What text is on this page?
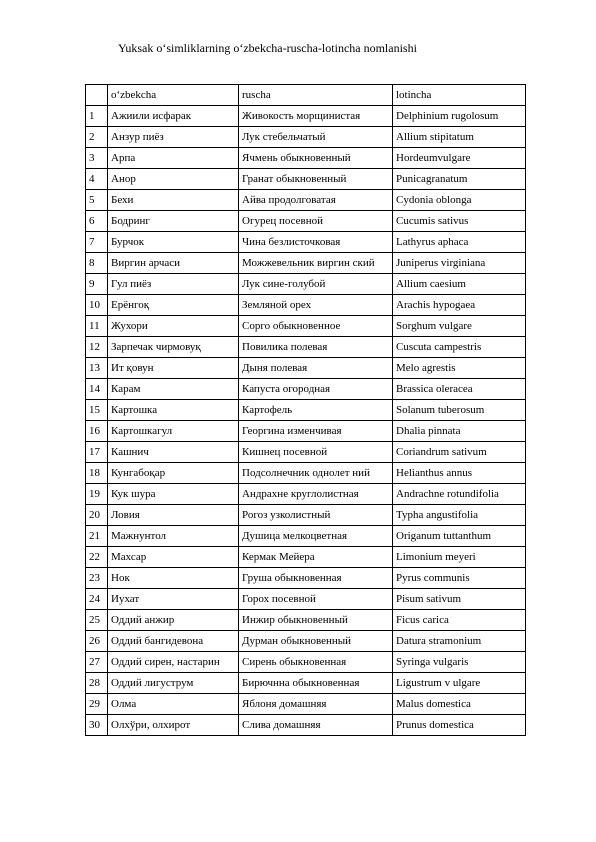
Yuksak o‘simliklarning o‘zbekcha-ruscha-lotincha nomlanishi
	o‘zbekcha	ruscha	lotincha
1	Ажиили исфарак	Живокость морщинистая	Delphinium rugolosum
2	Анзур пиёз	Лук стебельчатый	Allium stipitatum
3	Арпа	Ячмень обыкновенный	Hordeumvulgare
4	Анор	Гранат обыкновенный	Punicagranatum
5	Бехи	Айва продолговатая	Cydonia oblonga
6	Бодринг	Огурец посевной	Cucumis sativus
7	Бурчок	Чина безлисточковая	Lathyrus aphaca
8	Виргин арчаси	Можжевельник виргин ский	Juniperus virginiana
9	Гул пиёз	Лук сине-голубой	Allium caesium
10	Ерёнгоқ	Земляной орех	Arachis hypogaea
11	Жухори	Сорго обыкновенное	Sorghum vulgare
12	Зарпечак чирмовуқ	Повилика полевая	Cuscuta campestris
13	Ит қовун	Дыня полевая	Melo agrestis
14	Карам	Капуста огородная	Brassica oleracea
15	Картошка	Картофель	Solanum tuberosum
16	Картошкагул	Георгина изменчивая	Dhalia pinnata
17	Кашнич	Кишнец посевной	Coriandrum sativum
18	Кунгабоқар	Подсолнечник однолет ний	Helianthus annus
19	Кук шура	Андрахне круглолистная	Andrachne rotundifolia
20	Ловия	Рогоз узколистный	Typha angustifolia
21	Мажнунтол	Душица мелкоцветная	Origanum tuttanthum
22	Махсар	Кермак Мейера	Limonium meyeri
23	Нок	Груша обыкновенная	Pyrus communis
24	Иухат	Горох посевной	Pisum sativum
25	Оддий анжир	Инжир обыкновенный	Ficus carica
26	Оддий бангидевона	Дурман обыкновенный	Datura stramonium
27	Оддий сирен, настарин	Сирень обыкновенная	Syringa vulgaris
28	Оддий лигуструм	Бирючнна обыкновенная	Ligustrum v ulgare
29	Олма	Яблоня домашняя	Malus domestica
30	Олхўри, олхирот	Слива домашняя	Prunus domestica
